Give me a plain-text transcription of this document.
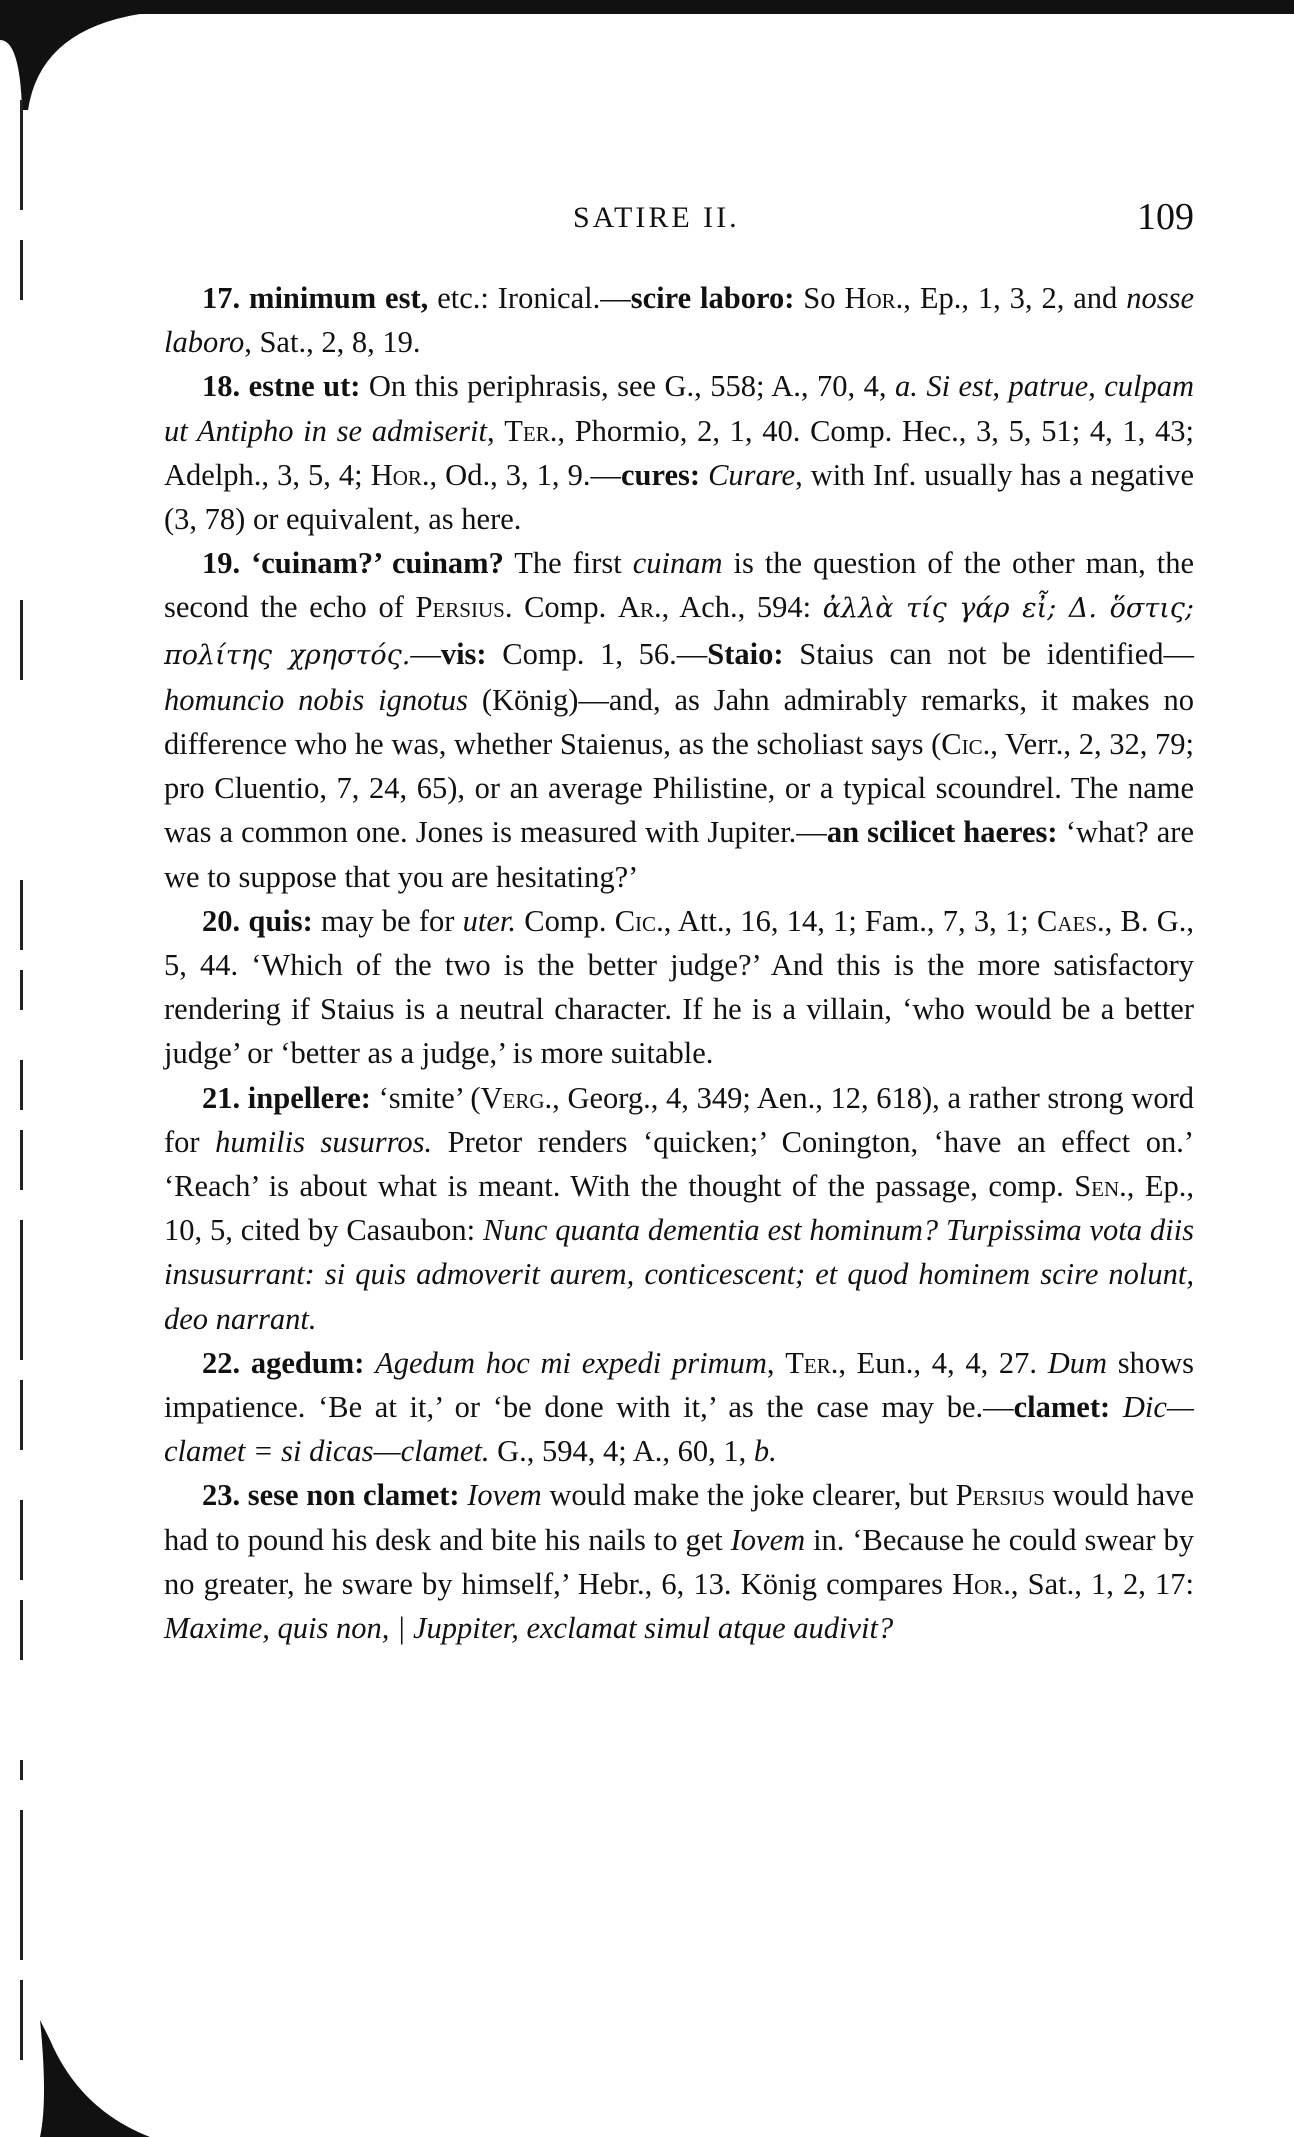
SATIRE II.	109

17. minimum est, etc.: Ironical.—scire laboro: So Hor., Ep., 1, 3, 2, and nosse laboro, Sat., 2, 8, 19.

18. estne ut: On this periphrasis, see G., 558; A., 70, 4, a. Si est, patrue, culpam ut Antipho in se admiserit, Ter., Phormio, 2, 1, 40. Comp. Hec., 3, 5, 51; 4, 1, 43; Adelph., 3, 5, 4; Hor., Od., 3, 1, 9.—cures: Curare, with Inf. usually has a negative (3, 78) or equivalent, as here.

19. ‘cuinam?’ cuinam? The first cuinam is the question of the other man, the second the echo of Persius. Comp. Ar., Ach., 594: ἀλλὰ τίς γάρ εἶ; Δ. ὅστις; πολίτης χρηστός.—vis: Comp. 1, 56.—Staio: Staius can not be identified—homuncio nobis ignotus (König)—and, as Jahn admirably remarks, it makes no difference who he was, whether Staienus, as the scholiast says (Cic., Verr., 2, 32, 79; pro Cluentio, 7, 24, 65), or an average Philistine, or a typical scoundrel. The name was a common one. Jones is measured with Jupiter.—an scilicet haeres: ‘what? are we to suppose that you are hesitating?’

20. quis: may be for uter. Comp. Cic., Att., 16, 14, 1; Fam., 7, 3, 1; Caes., B. G., 5, 44. ‘Which of the two is the better judge?’ And this is the more satisfactory rendering if Staius is a neutral character. If he is a villain, ‘who would be a better judge’ or ‘better as a judge,’ is more suitable.

21. inpellere: ‘smite’ (Verg., Georg., 4, 349; Aen., 12, 618), a rather strong word for humilis susurros. Pretor renders ‘quicken;’ Conington, ‘have an effect on.’ ‘Reach’ is about what is meant. With the thought of the passage, comp. Sen., Ep., 10, 5, cited by Casaubon: Nunc quanta dementia est hominum? Turpissima vota diis insusurrant: si quis admoverit aurem, conticescent; et quod hominem scire nolunt, deo narrant.

22. agedum: Agedum hoc mi expedi primum, Ter., Eun., 4, 4, 27. Dum shows impatience. ‘Be at it,’ or ‘be done with it,’ as the case may be.—clamet: Dic—clamet = si dicas—clamet. G., 594, 4; A., 60, 1, b.

23. sese non clamet: Iovem would make the joke clearer, but Persius would have had to pound his desk and bite his nails to get Iovem in. ‘Because he could swear by no greater, he sware by himself,’ Hebr., 6, 13. König compares Hor., Sat., 1, 2, 17: Maxime, quis non, | Juppiter, exclamat simul atque audivit?
